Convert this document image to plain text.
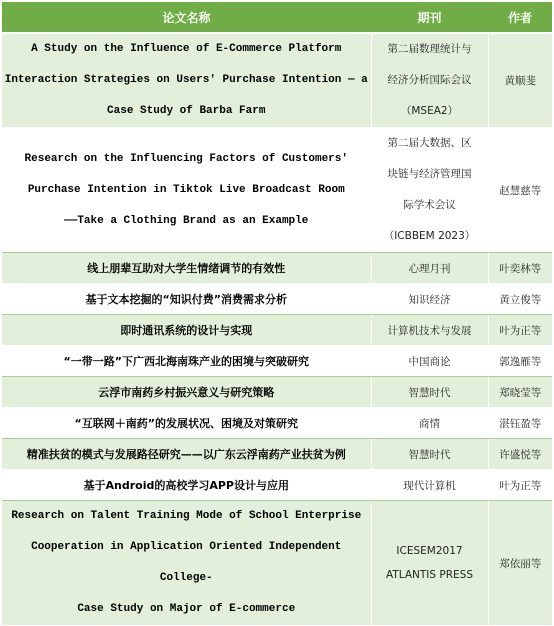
论文名称	期刊	作者
A Study on the Influence of E-Commerce Platform
Interaction Strategies on Users' Purchase Intention — a
Case Study of Barba Farm	第二届数理统计与
经济分析国际会议
（MSEA2）	黄顺斐
Research on the Influencing Factors of Customers'
Purchase Intention in Tiktok Live Broadcast Room
——Take a Clothing Brand as an Example	第二届大数据、区
块链与经济管理国
际学术会议
（ICBBEM 2023）	赵慧慈等
线上朋辈互助对大学生情绪调节的有效性	心理月刊	叶奕林等
基于文本挖掘的“知识付费”消费需求分析	知识经济	黄立俊等
即时通讯系统的设计与实现	计算机技术与发展	叶为正等
“一带一路”下广西北海南珠产业的困境与突破研究	中国商论	郭逸雁等
云浮市南药乡村振兴意义与研究策略	智慧时代	郑晓莹等
“互联网＋南药”的发展状况、困境及对策研究	商情	湛钰盈等
精准扶贫的模式与发展路径研究——以广东云浮南药产业扶贫为例	智慧时代	许盛悦等
基于Android的高校学习APP设计与应用	现代计算机	叶为正等
Research on Talent Training Mode of School Enterprise
Cooperation in Application Oriented Independent College-
Case Study on Major of E-commerce	ICESEM2017
ATLANTIS PRESS	郑依丽等
